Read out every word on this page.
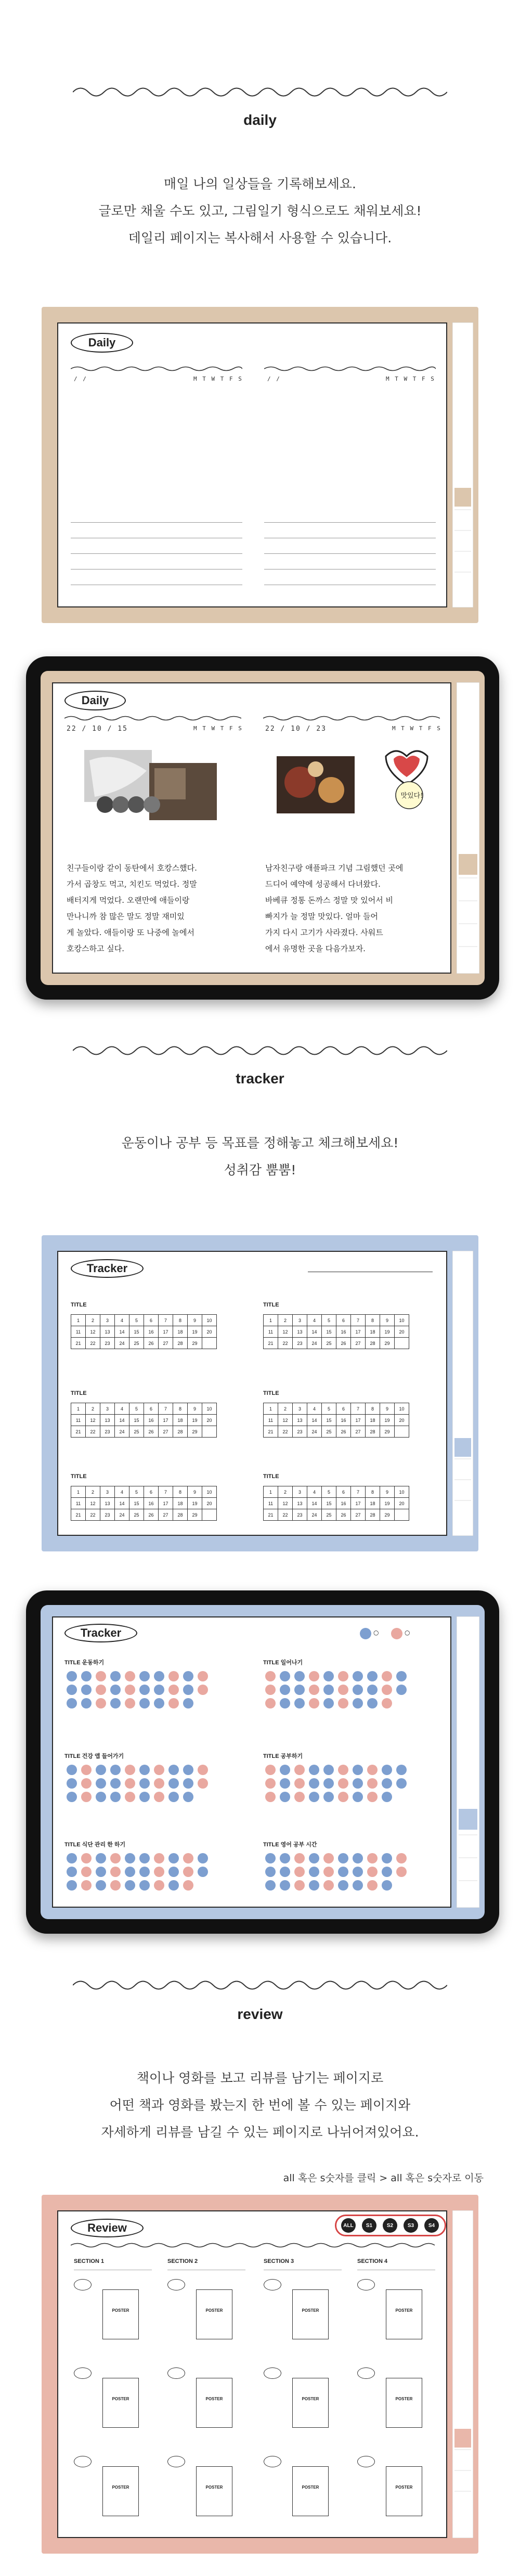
daily

매일 나의 일상들을 기록해보세요.

글로만 채울 수도 있고, 그림일기 형식으로도 채워보세요!

데일리 페이지는 복사해서 사용할 수 있습니다.

Daily
/ /	M T W T F S	/ /	M T W T F S
Daily
22 / 10 / 15	M T W T F S	22 / 10 / 23	M T W T F S
맛있다!
친구들이랑 같이 동탄에서 호캉스했다.
가서 곱창도 먹고, 치킨도 먹었다. 정말
배터지게 먹었다. 오랜만에 애들이랑
만나니까 참 많은 말도 정말 재미있
게 놀았다. 애들이랑 또 나중에 놀에서
호캉스하고 싶다.
남자친구랑 애플파크 기념 그림했던 곳에
드디어 예약에 성공해서 다녀왔다.
바베큐 정통 돈까스 정말 맛 있어서 비
빠지가 늘 정말 맛있다. 얼마 들어
가지 다시 고기가 사라졌다. 사워트
에서 유명한 곳을 다음가보자.
tracker

운동이나 공부 등 목표를 정해놓고 체크해보세요!

성취감 뿜뿜!

Tracker
TITLE
1	2	3	4	5	6	7	8	9	10
11	12	13	14	15	16	17	18	19	20
21	22	23	24	25	26	27	28	29	
TITLE
1	2	3	4	5	6	7	8	9	10
11	12	13	14	15	16	17	18	19	20
21	22	23	24	25	26	27	28	29	
TITLE
1	2	3	4	5	6	7	8	9	10
11	12	13	14	15	16	17	18	19	20
21	22	23	24	25	26	27	28	29	
TITLE
1	2	3	4	5	6	7	8	9	10
11	12	13	14	15	16	17	18	19	20
21	22	23	24	25	26	27	28	29	
TITLE
1	2	3	4	5	6	7	8	9	10
11	12	13	14	15	16	17	18	19	20
21	22	23	24	25	26	27	28	29	
TITLE
1	2	3	4	5	6	7	8	9	10
11	12	13	14	15	16	17	18	19	20
21	22	23	24	25	26	27	28	29	
Tracker	○	○
TITLE 운동하기	TITLE 일어나기
TITLE 건강 앱 들어가기	TITLE 공부하기
TITLE 식단 관리 한 하기	TITLE 영어 공부 시간
review

책이나 영화를 보고 리뷰를 남기는 페이지로

어떤 책과 영화를 봤는지 한 번에 볼 수 있는 페이지와

자세하게 리뷰를 남길 수 있는 페이지로 나뉘어져있어요.

all 혹은 s숫자를 클릭 > all 혹은 s숫자로 이동
Review	ALL	S1	S2	S3	S4
SECTION 1
POSTER
POSTER
POSTER
SECTION 2
POSTER
POSTER
POSTER
SECTION 3
POSTER
POSTER
POSTER
SECTION 4
POSTER
POSTER
POSTER
